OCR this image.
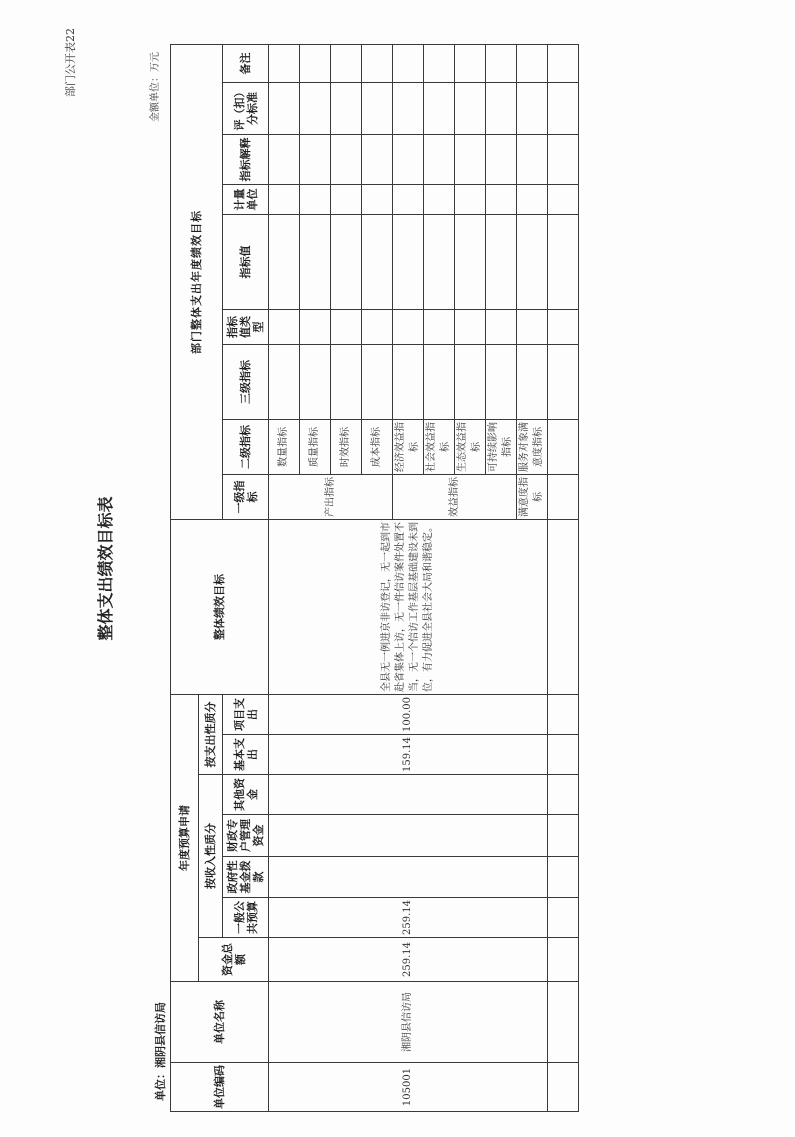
部门公开表22
整体支出绩效目标表
金额单位：万元
单位：湘阴县信访局	单位编码	单位名称	年度预算申请							整体绩效目标	部门整体支出年度绩效目标								
		资金总额	按收入性质分				按支出性质分											
			一般公共预算	政府性基金拨款	财政专户管理资金	其他资金	基本支出	项目支出		一级指标	二级指标	三级指标	指标值类型	指标值	计量单位	指标解释	评（扣）分标准	备注
105001	湘阴县信访局	259.14	259.14				159.14	100.00	全县无一例进京非访登记，无一起到市赴省集体上访，无一件信访案件处置不当，无一个信访工作基层基础建设未到位，有力促进全县社会大局和谐稳定。	产出指标	数量指标							
											质量指标							
											时效指标							
											成本指标							
										效益指标	经济效益指标							
											社会效益指标							
											生态效益指标							
											可持续影响指标							
										满意度指标	服务对象满意度指标							
